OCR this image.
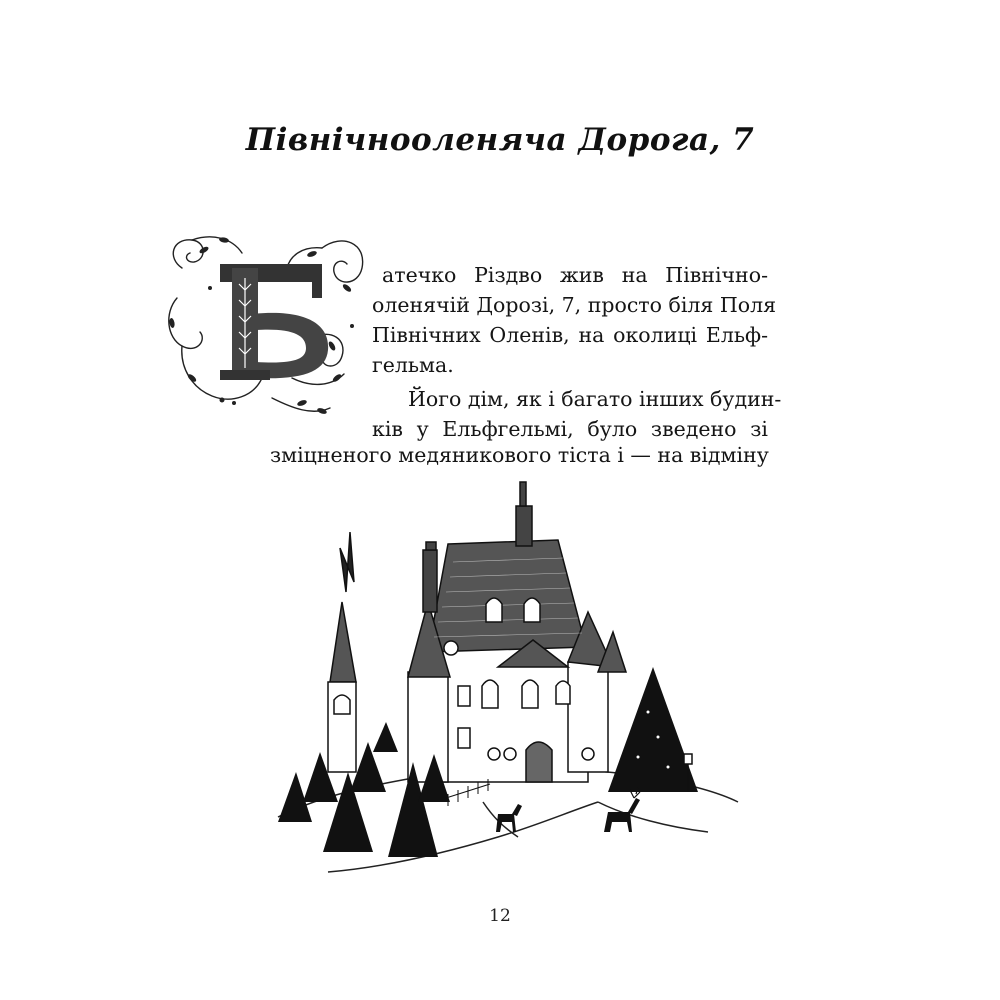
Північнооленяча Дорога, 7
атечко Різдво жив на Північно-
оленячій Дорозі, 7, просто біля Поля
Північних Оленів, на околиці Ельф-
гельма.
Його дім, як і багато інших будин-
ків у Ельфгельмі, було зведено зі
зміцненого медяникового тіста і — на відміну
12
